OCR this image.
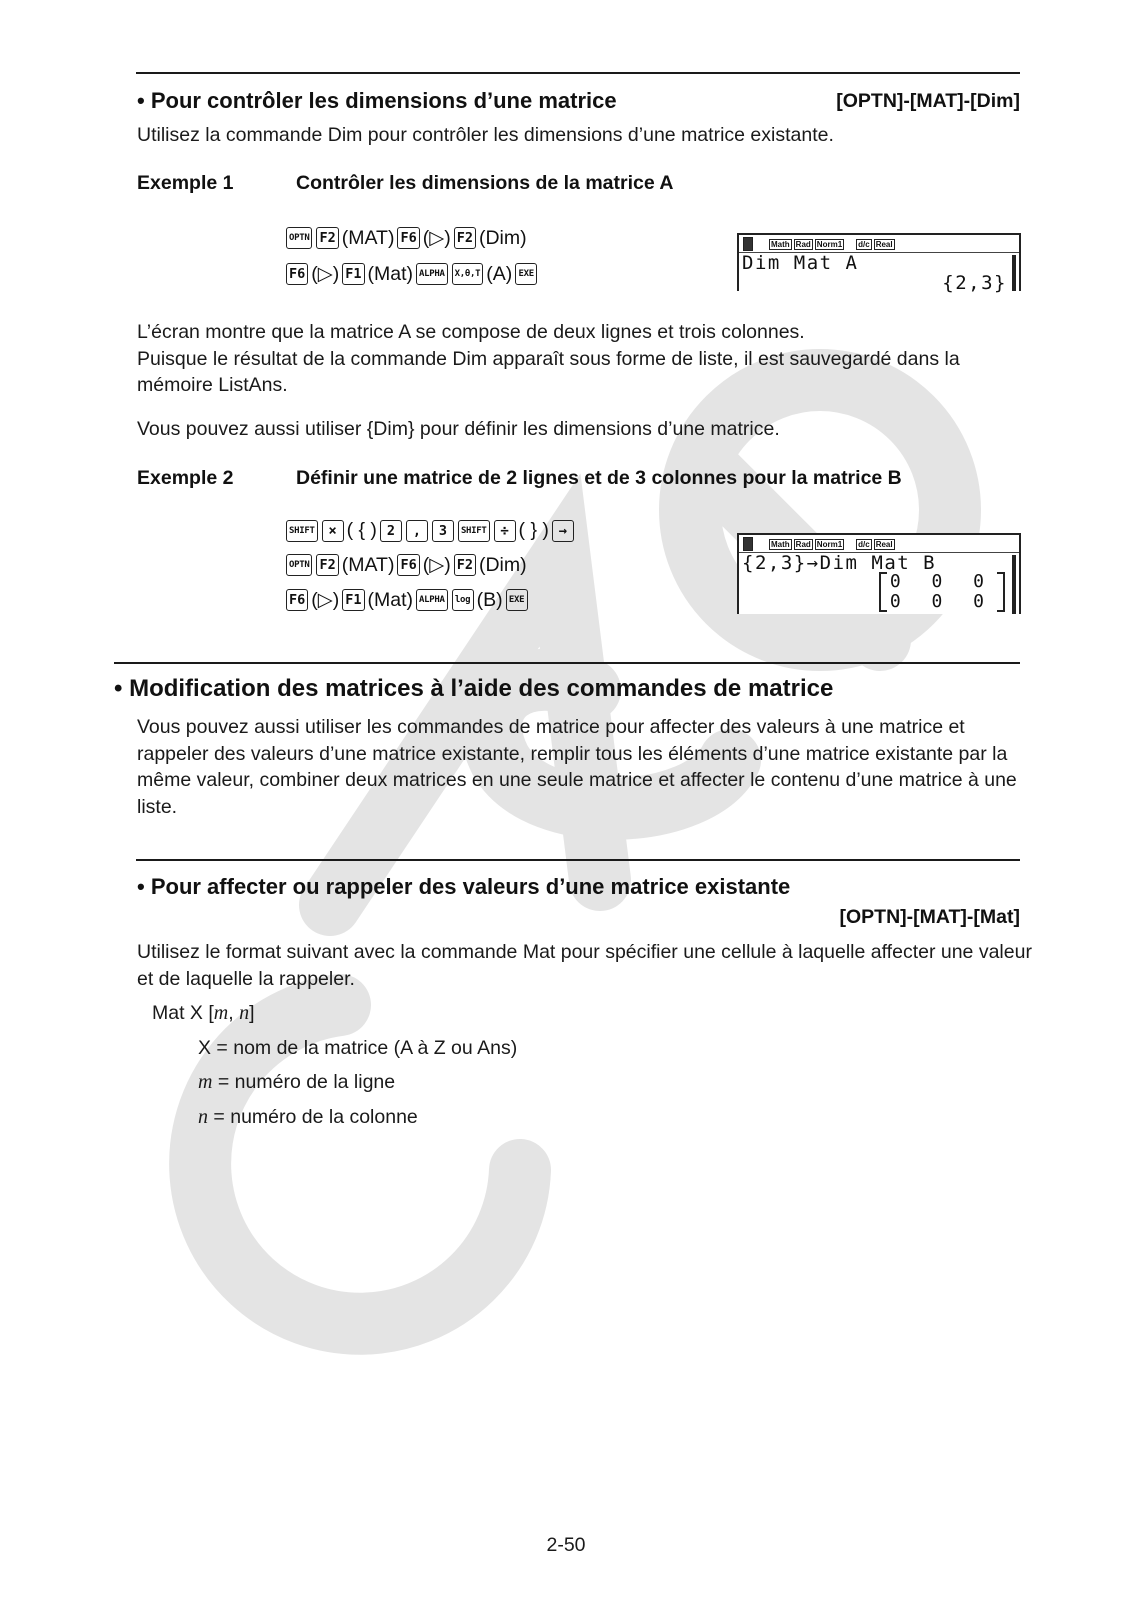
• Pour contrôler les dimensions d’une matrice	[OPTN]-[MAT]-[Dim]
Utilisez la commande Dim pour contrôler les dimensions d’une matrice existante.
Exemple 1	Contrôler les dimensions de la matrice A
OPTN F2 (MAT) F6 (▷) F2 (Dim)
F6 (▷) F1 (Mat) ALPHA	X,θ,T (A) EXE
Math Rad Norm1 d/c Real
Dim Mat A
{2,3}
L’écran montre que la matrice A se compose de deux lignes et trois colonnes.
Puisque le résultat de la commande Dim apparaît sous forme de liste, il est sauvegardé dans la mémoire ListAns.
Vous pouvez aussi utiliser {Dim} pour définir les dimensions d’une matrice.
Exemple 2	Définir une matrice de 2 lignes et de 3 colonnes pour la matrice B
SHIFT × ( { ) 2	,	3	SHIFT ÷ ( } ) →
OPTN F2 (MAT) F6 (▷) F2 (Dim)
F6 (▷) F1 (Mat) ALPHA	log (B) EXE
Math Rad Norm1 d/c Real
{2,3}→Dim Mat B
0 0 0
0 0 0
• Modification des matrices à l’aide des commandes de matrice
Vous pouvez aussi utiliser les commandes de matrice pour affecter des valeurs à une matrice et rappeler des valeurs d’une matrice existante, remplir tous les éléments d’une matrice existante par la même valeur, combiner deux matrices en une seule matrice et affecter le contenu d’une matrice à une liste.
• Pour affecter ou rappeler des valeurs d’une matrice existante
[OPTN]-[MAT]-[Mat]
Utilisez le format suivant avec la commande Mat pour spécifier une cellule à laquelle affecter une valeur et de laquelle la rappeler.
Mat X [m, n]
X = nom de la matrice (A à Z ou Ans)
m = numéro de la ligne
n = numéro de la colonne
2-50
